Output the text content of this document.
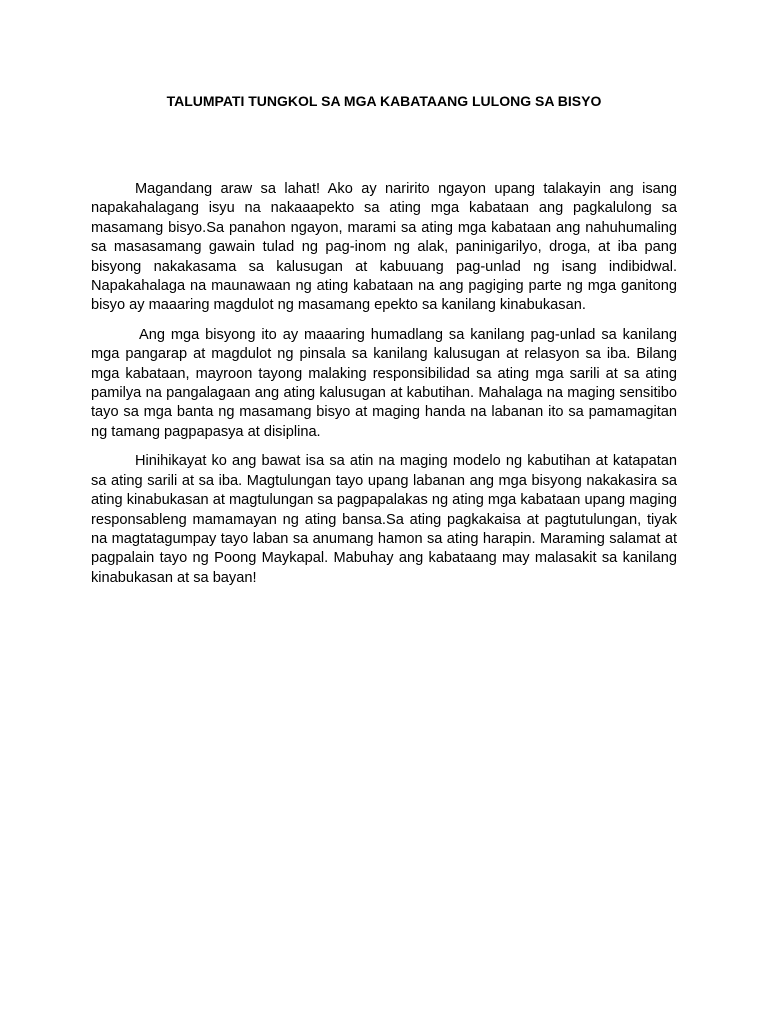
TALUMPATI TUNGKOL SA MGA KABATAANG LULONG SA BISYO

Magandang araw sa lahat! Ako ay naririto ngayon upang talakayin ang isang napakahalagang isyu na nakaaapekto sa ating mga kabataan ang pagkalulong sa masamang bisyo.Sa panahon ngayon, marami sa ating mga kabataan ang nahuhumaling sa masasamang gawain tulad ng pag-inom ng alak, paninigarilyo, droga, at iba pang bisyong nakakasama sa kalusugan at kabuuang pag-unlad ng isang indibidwal. Napakahalaga na maunawaan ng ating kabataan na ang pagiging parte ng mga ganitong bisyo ay maaaring magdulot ng masamang epekto sa kanilang kinabukasan.

Ang mga bisyong ito ay maaaring humadlang sa kanilang pag-unlad sa kanilang mga pangarap at magdulot ng pinsala sa kanilang kalusugan at relasyon sa iba. Bilang mga kabataan, mayroon tayong malaking responsibilidad sa ating mga sarili at sa ating pamilya na pangalagaan ang ating kalusugan at kabutihan. Mahalaga na maging sensitibo tayo sa mga banta ng masamang bisyo at maging handa na labanan ito sa pamamagitan ng tamang pagpapasya at disiplina.

Hinihikayat ko ang bawat isa sa atin na maging modelo ng kabutihan at katapatan sa ating sarili at sa iba. Magtulungan tayo upang labanan ang mga bisyong nakakasira sa ating kinabukasan at magtulungan sa pagpapalakas ng ating mga kabataan upang maging responsableng mamamayan ng ating bansa.Sa ating pagkakaisa at pagtutulungan, tiyak na magtatagumpay tayo laban sa anumang hamon sa ating harapin. Maraming salamat at pagpalain tayo ng Poong Maykapal. Mabuhay ang kabataang may malasakit sa kanilang kinabukasan at sa bayan!
